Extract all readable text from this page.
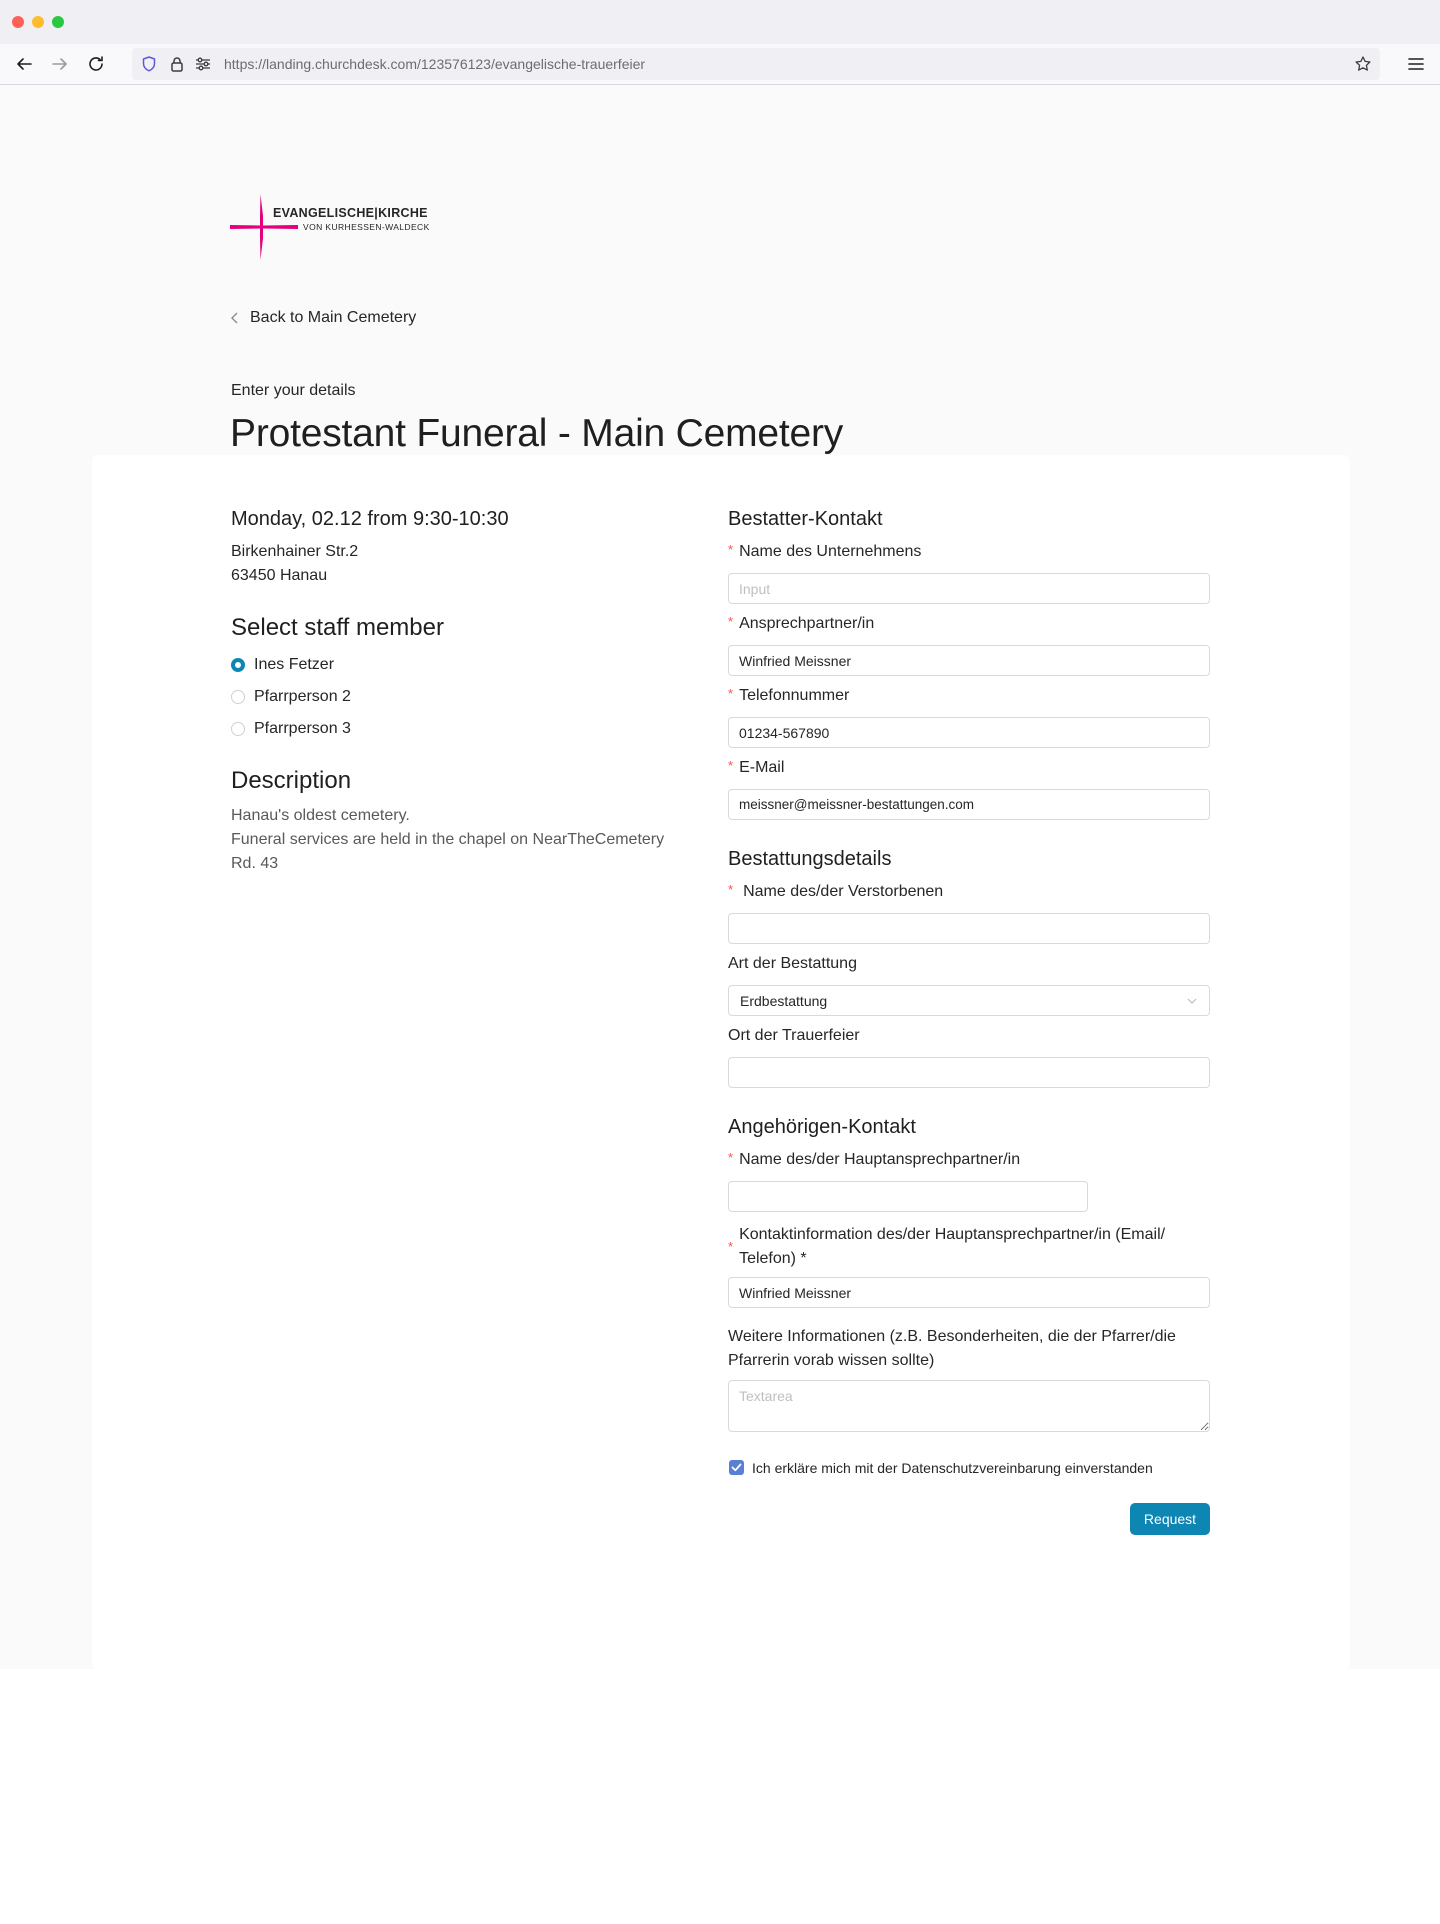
https://landing.churchdesk.com/123576123/evangelische-trauerfeier
EVANGELISCHE|KIRCHE
VON KURHESSEN-WALDECK
Back to Main Cemetery
Enter your details
Protestant Funeral - Main Cemetery
Monday, 02.12 from 9:30-10:30
Birkenhainer Str.2
63450 Hanau
Select staff member
Ines Fetzer
Pfarrperson 2
Pfarrperson 3
Description
Hanau's oldest cemetery.
Funeral services are held in the chapel on NearTheCemetery
Rd. 43
Bestatter-Kontakt
* Name des Unternehmens
Input
* Ansprechpartner/in
Winfried Meissner
* Telefonnummer
01234-567890
* E-Mail
meissner@meissner-bestattungen.com
Bestattungsdetails
* Name des/der Verstorbenen
Art der Bestattung
Erdbestattung
Ort der Trauerfeier
Angehörigen-Kontakt
* Name des/der Hauptansprechpartner/in
*
Kontaktinformation des/der Hauptansprechpartner/in (Email/
Telefon) *
Winfried Meissner
Weitere Informationen (z.B. Besonderheiten, die der Pfarrer/die
Pfarrerin vorab wissen sollte)
Textarea
Ich erkläre mich mit der Datenschutzvereinbarung einverstanden
Request
